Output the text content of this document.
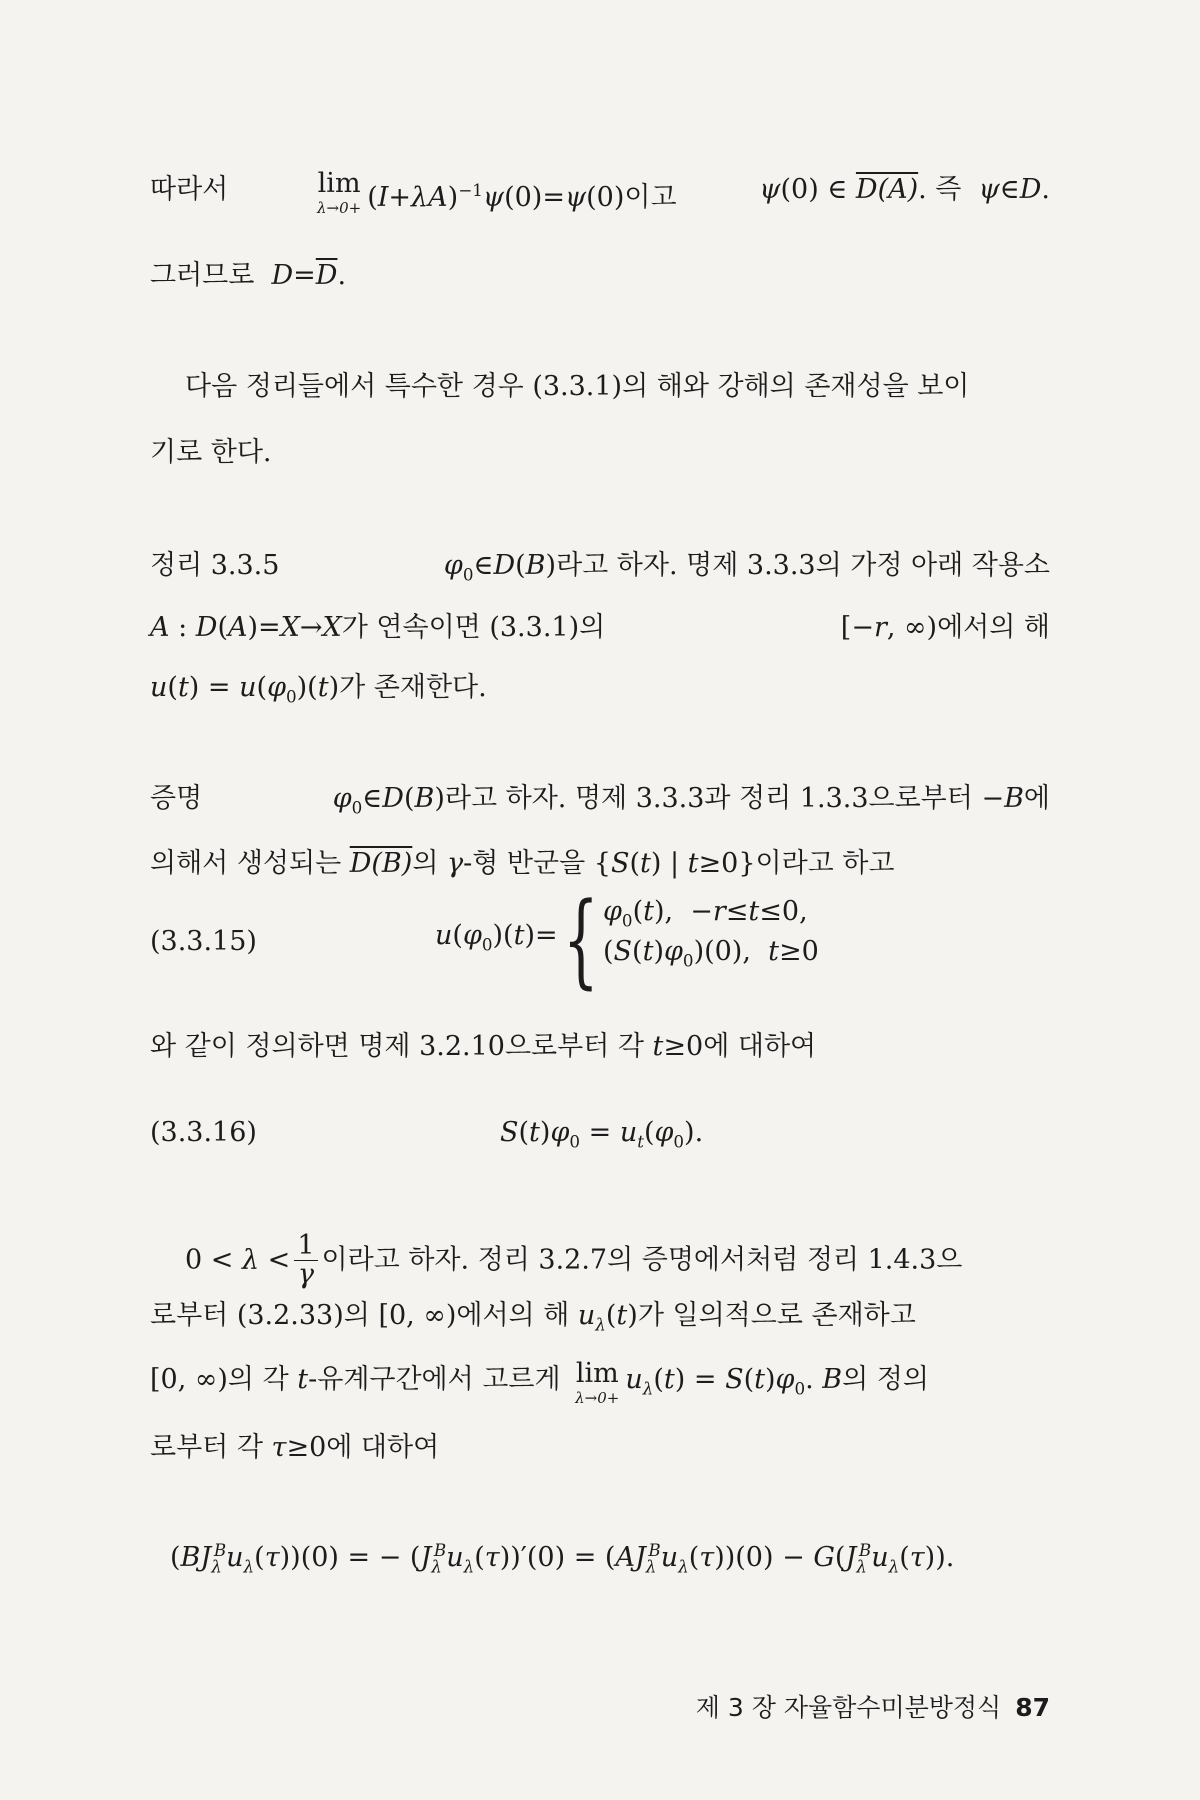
따라서	lim
$\lambda\to 0+ (I+\lambda A)^{-1}\psi(0)=\psi(0)$이고	ψ(0) ∈ D(A). 즉 ψ∈D.
그러므로 $D=\overline{D}$.
다음 정리들에서 특수한 경우 (3.3.1)의 해와 강해의 존재성을 보이
기로 한다.
정리 3.3.5	$\varphi_0\in D(B)$라고 하자. 명제 3.3.3의 가정 아래 작용소
A : D(A)=X→X가 연속이면 (3.3.1)의	[−r, ∞)에서의 해
$u(t) = u(\varphi_0)(t)$가 존재한다.
증명	$\varphi_0\in D(B)$라고 하자. 명제 3.3.3과 정리 1.3.3으로부터 −B에
의해서 생성되는 D(B)의 γ-형 반군을 {S(t) | t≥0}이라고 하고
(3.3.15)	$u(\varphi_0)(t)=$ { $\varphi_0(t)$,  −r≤t≤0,
$(S(t)\varphi_0)(0)$,  t≥0
와 같이 정의하면 명제 3.2.10으로부터 각 t≥0에 대하여
(3.3.16)	$S(t)\varphi_0 = u_t(\varphi_0)$.
$0 < \lambda < \frac{1}{\gamma}$ 이라고 하자. 정리 3.2.7의 증명에서처럼 정리 1.4.3으
로부터 (3.2.33)의 [0, ∞)에서의 해 $u_\lambda(t)$가 일의적으로 존재하고
[0, ∞)의 각 t-유계구간에서 고르게 lim
λ→0+
$u_\lambda(t) = S(t)\varphi_0$. B의 정의
로부터 각 τ≥0에 대하여
$(BJ_\lambda^Bu_\lambda(\tau))(0)$ = − $(J_\lambda^Bu_\lambda(\tau))'(0) = (AJ_\lambda^Bu_\lambda(\tau))(0) - G(J_\lambda^Bu_\lambda(\tau))$.
제 3 장 자율함수미분방정식 87
